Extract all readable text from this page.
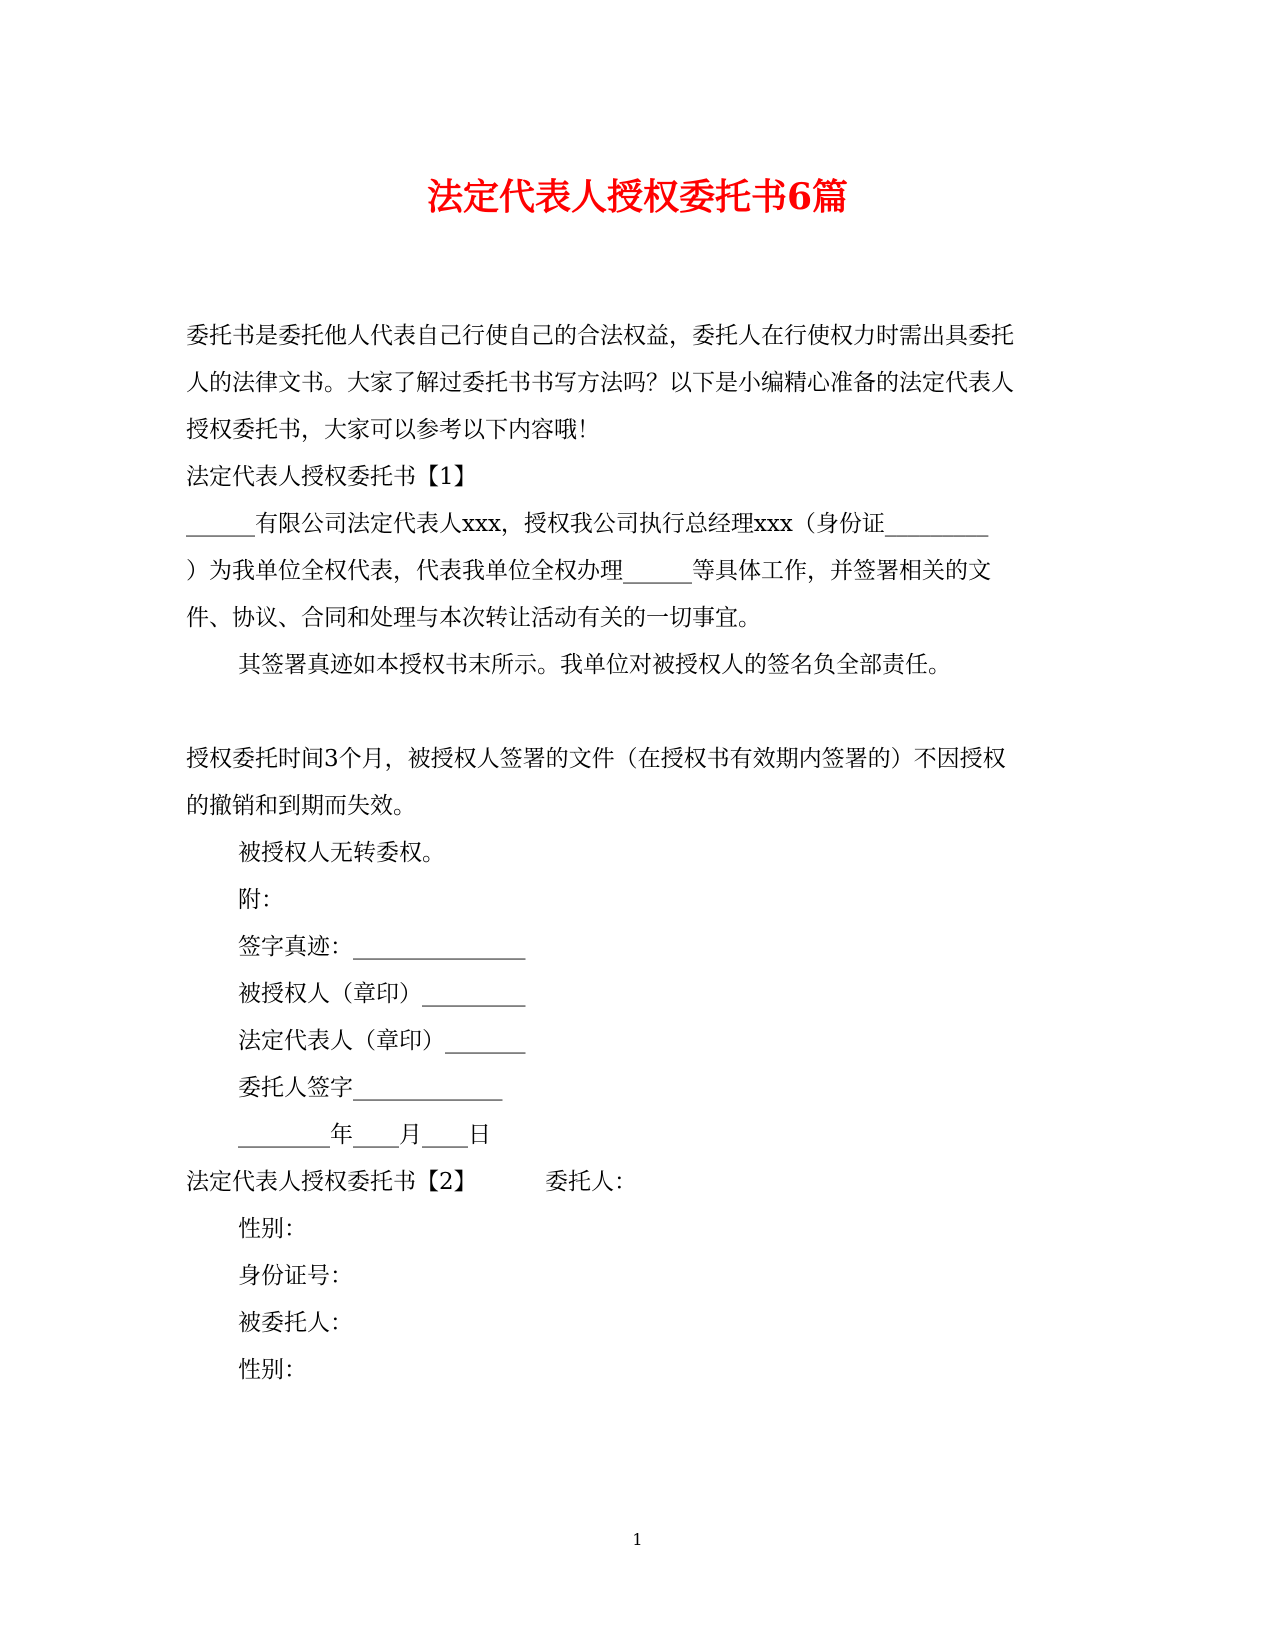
法定代表人授权委托书6篇

委托书是委托他人代表自己行使自己的合法权益，委托人在行使权力时需出具委托

人的法律文书。大家了解过委托书书写方法吗？以下是小编精心准备的法定代表人

授权委托书，大家可以参考以下内容哦！

法定代表人授权委托书【1】

______有限公司法定代表人xxx，授权我公司执行总经理xxx（身份证_________

）为我单位全权代表，代表我单位全权办理______等具体工作，并签署相关的文

件、协议、合同和处理与本次转让活动有关的一切事宜。

其签署真迹如本授权书末所示。我单位对被授权人的签名负全部责任。

授权委托时间3个月，被授权人签署的文件（在授权书有效期内签署的）不因授权

的撤销和到期而失效。

被授权人无转委权。

附：

签字真迹：_______________

被授权人（章印）_________

法定代表人（章印）_______

委托人签字_____________

________年____月____日

法定代表人授权委托书【2】	委托人：

性别：

身份证号：

被委托人：

性别：

1
